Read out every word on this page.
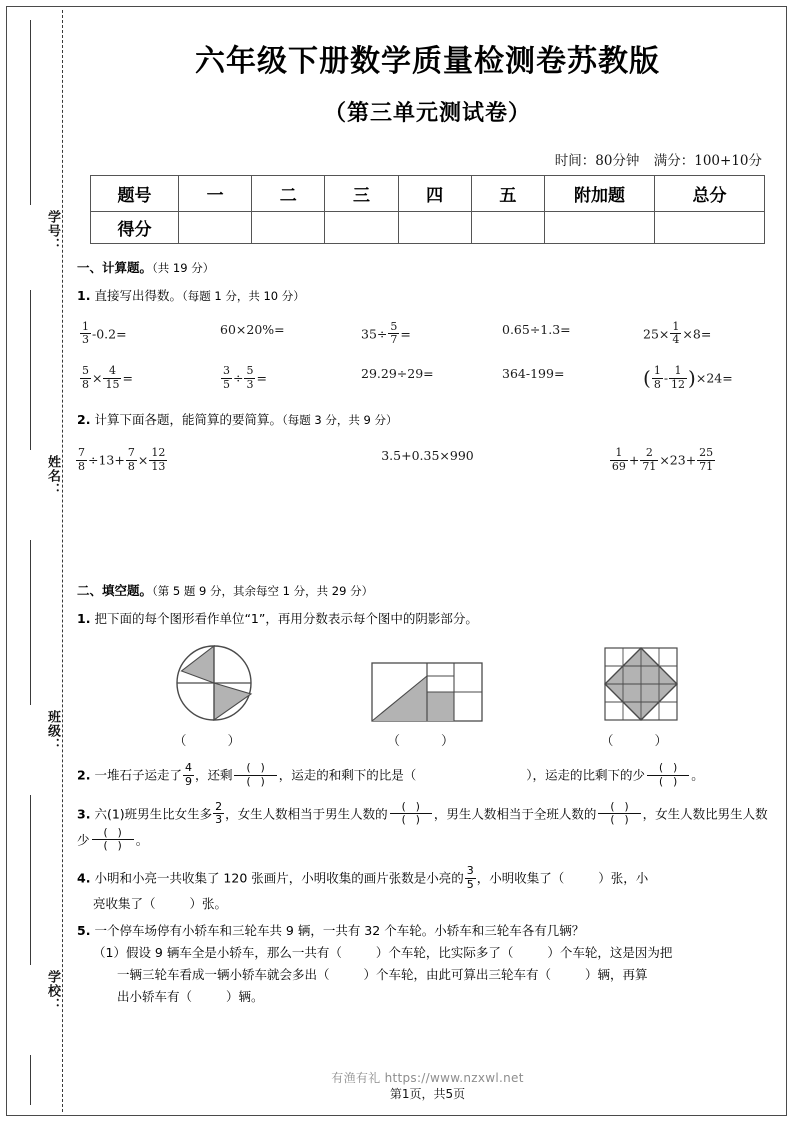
学号：
姓名：
班级：
学校：
六年级下册数学质量检测卷苏教版
（第三单元测试卷）
时间：80分钟 满分：100+10分
题号	一	二	三	四	五	附加题	总分
得分							
一、计算题。（共 19 分）
1. 直接写出得数。（每题 1 分，共 10 分）
$\frac{1}{3} -0.2=$	60×20%=	$35\div \frac{5}{7}$ =	0.65÷1.3=	$25\times \frac{1}{4} \times 8=$
$\frac{5}{8} \times \frac{4}{15}$ =	$\frac{3}{5} \div \frac{5}{3}$ =	29.29÷29=	364-199=	( $\frac{1}{8} - \frac{1}{12} )\times 24=$
2. 计算下面各题，能简算的要简算。（每题 3 分，共 9 分）
$\frac{7}{8} \div 13+ \frac{7}{8} \times \frac{12}{13}$	3.5+0.35×990	$\frac{1}{69} + \frac{2}{71} \times 23+ \frac{25}{71}$
二、填空题。（第 5 题 9 分，其余每空 1 分，共 29 分）
1. 把下面的每个图形看作单位“1”，再用分数表示每个图中的阴影部分。
（　）	（　）	（　）
2. 一堆石子运走了 $\frac{4}{9}$ ，还剩 $\frac{( )}{( )}$ ，运走的和剩下的比是（	），运走的比剩下的少 $\frac{( )}{( )}$ 。
3. 六(1)班男生比女生多 $\frac{2}{3}$ ，女生人数相当于男生人数的 $\frac{( )}{( )}$ ，男生人数相当于全班人数的 $\frac{( )}{( )}$ ，女生人数比男生人数少 $\frac{( )}{( )}$ 。
4. 小明和小亮一共收集了 120 张画片，小明收集的画片张数是小亮的 $\frac{3}{5}$ ，小明收集了（	）张，小
亮收集了（	）张。
5. 一个停车场停有小轿车和三轮车共 9 辆，一共有 32 个车轮。小轿车和三轮车各有几辆？
（1）假设 9 辆车全是小轿车，那么一共有（	）个车轮，比实际多了（	）个车轮，这是因为把
一辆三轮车看成一辆小轿车就会多出（	）个车轮，由此可算出三轮车有（	）辆，再算
出小轿车有（	）辆。
有渔有礼 https://www.nzxwl.net
第1页，共5页
